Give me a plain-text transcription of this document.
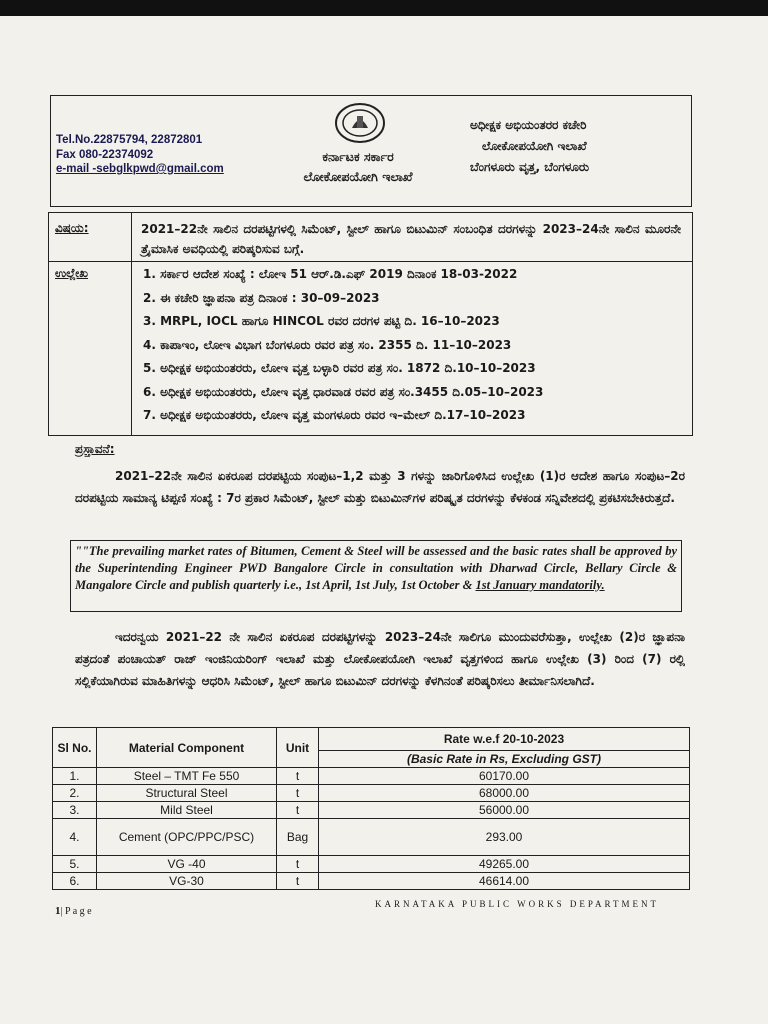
Tel.No.22875794, 22872801
Fax 080-22374092
e-mail -sebglkpwd@gmail.com
ಕರ್ನಾಟಕ ಸರ್ಕಾರ
ಲೋಕೋಪಯೋಗಿ ಇಲಾಖೆ
ಅಧೀಕ್ಷಕ ಅಭಿಯಂತರರ ಕಚೇರಿ
ಲೋಕೋಪಯೋಗಿ ಇಲಾಖೆ
ಬೆಂಗಳೂರು ವೃತ್ತ, ಬೆಂಗಳೂರು
ವಿಷಯ:	2021–22ನೇ ಸಾಲಿನ ದರಪಟ್ಟಿಗಳಲ್ಲಿ ಸಿಮೆಂಟ್, ಸ್ಟೀಲ್ ಹಾಗೂ ಬಿಟುಮಿನ್ ಸಂಬಂಧಿತ ದರಗಳನ್ನು 2023–24ನೇ ಸಾಲಿನ ಮೂರನೇ ತ್ರೈಮಾಸಿಕ ಅವಧಿಯಲ್ಲಿ ಪರಿಷ್ಕರಿಸುವ ಬಗ್ಗೆ.
ಉಲ್ಲೇಖ	1. ಸರ್ಕಾರ ಆದೇಶ ಸಂಖ್ಯೆ : ಲೋಇ 51 ಆರ್.ಡಿ.ಎಫ್ 2019 ದಿನಾಂಕ 18-03-2022
2. ಈ ಕಚೇರಿ ಜ್ಞಾಪನಾ ಪತ್ರ ದಿನಾಂಕ : 30–09–2023
3. MRPL, IOCL ಹಾಗೂ HINCOL ರವರ ದರಗಳ ಪಟ್ಟಿ ದಿ. 16–10–2023
4. ಕಾಪಾಇಂ, ಲೋಇ ವಿಭಾಗ ಬೆಂಗಳೂರು ರವರ ಪತ್ರ ಸಂ. 2355 ದಿ. 11–10–2023
5. ಅಧೀಕ್ಷಕ ಅಭಿಯಂತರರು, ಲೋಇ ವೃತ್ತ ಬಳ್ಳಾರಿ ರವರ ಪತ್ರ ಸಂ. 1872 ದಿ.10–10–2023
6. ಅಧೀಕ್ಷಕ ಅಭಿಯಂತರರು, ಲೋಇ ವೃತ್ತ ಧಾರವಾಡ ರವರ ಪತ್ರ ಸಂ.3455 ದಿ.05–10–2023
7. ಅಧೀಕ್ಷಕ ಅಭಿಯಂತರರು, ಲೋಇ ವೃತ್ತ ಮಂಗಳೂರು ರವರ ಇ–ಮೇಲ್ ದಿ.17–10–2023
ಪ್ರಸ್ತಾವನೆ:
2021–22ನೇ ಸಾಲಿನ ಏಕರೂಪ ದರಪಟ್ಟಿಯ ಸಂಪುಟ–1,2 ಮತ್ತು 3 ಗಳನ್ನು ಜಾರಿಗೊಳಿಸಿದ ಉಲ್ಲೇಖ (1)ರ ಆದೇಶ ಹಾಗೂ ಸಂಪುಟ–2ರ ದರಪಟ್ಟಿಯ ಸಾಮಾನ್ಯ ಟಿಪ್ಪಣಿ ಸಂಖ್ಯೆ : 7ರ ಪ್ರಕಾರ ಸಿಮೆಂಟ್, ಸ್ಟೀಲ್ ಮತ್ತು ಬಿಟುಮಿನ್‌ಗಳ ಪರಿಷ್ಕೃತ ದರಗಳನ್ನು ಕೆಳಕಂಡ ಸನ್ನಿವೇಶದಲ್ಲಿ ಪ್ರಕಟಿಸಬೇಕಿರುತ್ತದೆ.
""The prevailing market rates of Bitumen, Cement & Steel will be assessed and the basic rates shall be approved by the Superintending Engineer PWD Bangalore Circle in consultation with Dharwad Circle, Bellary Circle & Mangalore Circle and publish quarterly i.e., 1st April, 1st July, 1st October & 1st January mandatorily.
ಇದರನ್ವಯ 2021–22 ನೇ ಸಾಲಿನ ಏಕರೂಪ ದರಪಟ್ಟಿಗಳನ್ನು 2023–24ನೇ ಸಾಲಿಗೂ ಮುಂದುವರೆಸುತ್ತಾ, ಉಲ್ಲೇಖ (2)ರ ಜ್ಞಾಪನಾ ಪತ್ರದಂತೆ ಪಂಚಾಯತ್ ರಾಜ್ ಇಂಜಿನಿಯರಿಂಗ್ ಇಲಾಖೆ ಮತ್ತು ಲೋಕೋಪಯೋಗಿ ಇಲಾಖೆ ವೃತ್ತಗಳಿಂದ ಹಾಗೂ ಉಲ್ಲೇಖ (3) ರಿಂದ (7) ರಲ್ಲಿ ಸಲ್ಲಿಕೆಯಾಗಿರುವ ಮಾಹಿತಿಗಳನ್ನು ಆಧರಿಸಿ ಸಿಮೆಂಟ್, ಸ್ಟೀಲ್ ಹಾಗೂ ಬಿಟುಮಿನ್ ದರಗಳನ್ನು ಕೆಳಗಿನಂತೆ ಪರಿಷ್ಕರಿಸಲು ತೀರ್ಮಾನಿಸಲಾಗಿದೆ.
Sl No.	Material Component	Unit	Rate w.e.f 20-10-2023
			(Basic Rate in Rs, Excluding GST)
1.	Steel – TMT Fe 550	t	60170.00
2.	Structural Steel	t	68000.00
3.	Mild Steel	t	56000.00
4.	Cement (OPC/PPC/PSC)	Bag	293.00
5.	VG -40	t	49265.00
6.	VG-30	t	46614.00
1| P a g e
KARNATAKA PUBLIC WORKS DEPARTMENT
